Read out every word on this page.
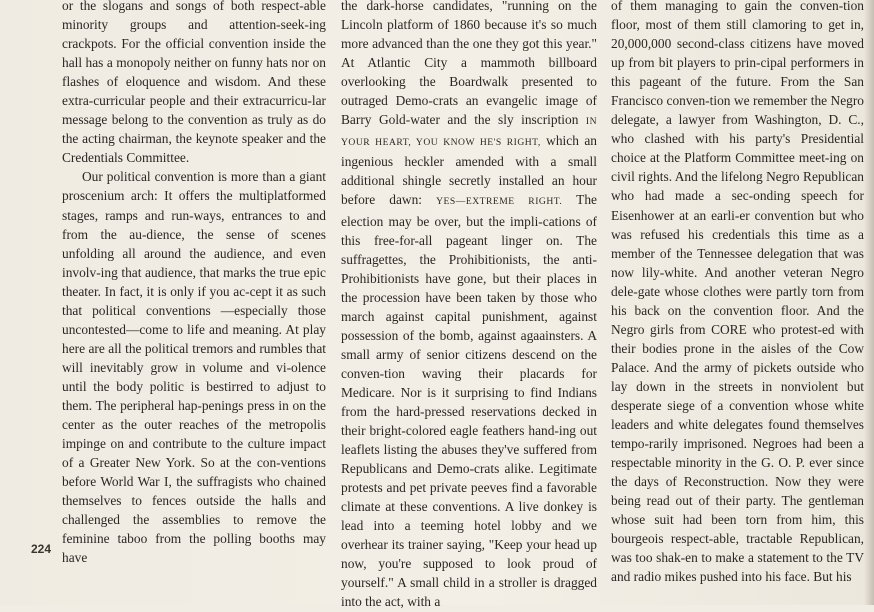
or the slogans and songs of both respect-able minority groups and attention-seek-ing crackpots. For the official convention inside the hall has a monopoly neither on funny hats nor on flashes of eloquence and wisdom. And these extra-curricular people and their extracurricu-lar message belong to the convention as truly as do the acting chairman, the keynote speaker and the Credentials Committee.

Our political convention is more than a giant proscenium arch: It offers the multiplatformed stages, ramps and run-ways, entrances to and from the au-dience, the sense of scenes unfolding all around the audience, and even involv-ing that audience, that marks the true epic theater. In fact, it is only if you ac-cept it as such that political conventions —especially those uncontested—come to life and meaning. At play here are all the political tremors and rumbles that will inevitably grow in volume and vi-olence until the body politic is bestirred to adjust to them. The peripheral hap-penings press in on the center as the outer reaches of the metropolis impinge on and contribute to the culture impact of a Greater New York. So at the con-ventions before World War I, the suffragists who chained themselves to fences outside the halls and challenged the assemblies to remove the feminine taboo from the polling booths may have

the dark-horse candidates, "running on the Lincoln platform of 1860 because it's so much more advanced than the one they got this year." At Atlantic City a mammoth billboard overlooking the Boardwalk presented to outraged Demo-crats an evangelic image of Barry Gold-water and the sly inscription IN YOUR HEART, YOU KNOW HE'S RIGHT, which an ingenious heckler amended with a small additional shingle secretly installed an hour before dawn: YES—EXTREME RIGHT. The election may be over, but the impli-cations of this free-for-all pageant linger on. The suffragettes, the Prohibitionists, the anti-Prohibitionists have gone, but their places in the procession have been taken by those who march against capital punishment, against possession of the bomb, against agaainsters. A small army of senior citizens descend on the conven-tion waving their placards for Medicare. Nor is it surprising to find Indians from the hard-pressed reservations decked in their bright-colored eagle feathers hand-ing out leaflets listing the abuses they've suffered from Republicans and Demo-crats alike. Legitimate protests and pet private peeves find a favorable climate at these conventions. A live donkey is lead into a teeming hotel lobby and we overhear its trainer saying, "Keep your head up now, you're supposed to look proud of yourself." A small child in a stroller is dragged into the act, with a

of them managing to gain the conven-tion floor, most of them still clamoring to get in, 20,000,000 second-class citizens have moved up from bit players to prin-cipal performers in this pageant of the future. From the San Francisco conven-tion we remember the Negro delegate, a lawyer from Washington, D. C., who clashed with his party's Presidential choice at the Platform Committee meet-ing on civil rights. And the lifelong Negro Republican who had made a sec-onding speech for Eisenhower at an earli-er convention but who was refused his credentials this time as a member of the Tennessee delegation that was now lily-white. And another veteran Negro dele-gate whose clothes were partly torn from his back on the convention floor. And the Negro girls from CORE who protest-ed with their bodies prone in the aisles of the Cow Palace. And the army of pickets outside who lay down in the streets in nonviolent but desperate siege of a convention whose white leaders and white delegates found themselves tempo-rarily imprisoned. Negroes had been a respectable minority in the G. O. P. ever since the days of Reconstruction. Now they were being read out of their party. The gentleman whose suit had been torn from him, this bourgeois respect-able, tractable Republican, was too shak-en to make a statement to the TV and radio mikes pushed into his face. But his

224
